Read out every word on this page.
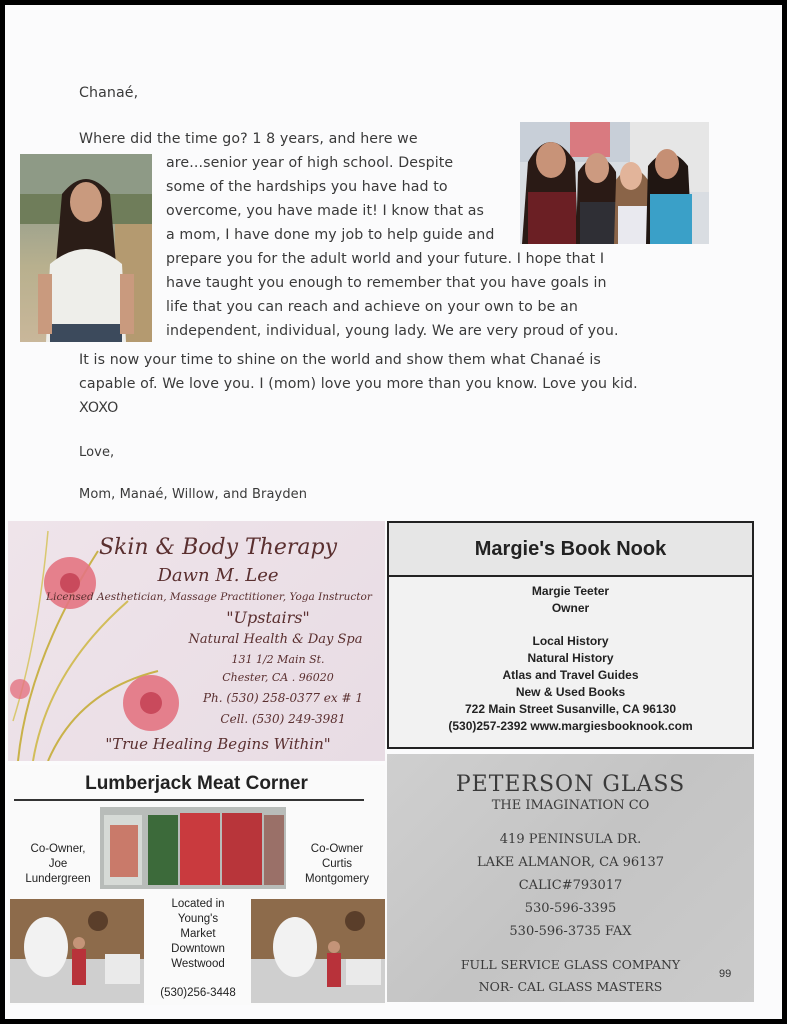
Chanaé,
Where did the time go? 1 8 years, and here we
are...senior year of high school. Despite
some of the hardships you have had to
overcome, you have made it! I know that as
a mom, I have done my job to help guide and
prepare you for the adult world and your future. I hope that I
have taught you enough to remember that you have goals in
life that you can reach and achieve on your own to be an
independent, individual, young lady. We are very proud of you.
It is now your time to shine on the world and show them what Chanaé is
capable of. We love you. I (mom) love you more than you know. Love you kid.
XOXO
Love,
Mom, Manaé, Willow, and Brayden
Skin & Body Therapy
Dawn M. Lee
Licensed Aesthetician, Massage Practitioner, Yoga Instructor
"Upstairs"
Natural Health & Day Spa
131 1/2 Main St.
Chester, CA . 96020
Ph. (530) 258-0377 ex # 1
Cell. (530) 249-3981
"True Healing Begins Within"
Margie's Book Nook
Margie Teeter
Owner
Local History
Natural History
Atlas and Travel Guides
New & Used Books
722 Main Street Susanville, CA 96130
(530)257-2392 www.margiesbooknook.com
Lumberjack Meat Corner
Co-Owner,
Joe
Lundergreen
Co-Owner
Curtis
Montgomery
Located in
Young's
Market
Downtown
Westwood
(530)256-3448
PETERSON GLASS
THE IMAGINATION CO
419 PENINSULA DR.
LAKE ALMANOR, CA 96137
CALIC#793017
530-596-3395
530-596-3735 FAX
FULL SERVICE GLASS COMPANY
NOR- CAL GLASS MASTERS
99
